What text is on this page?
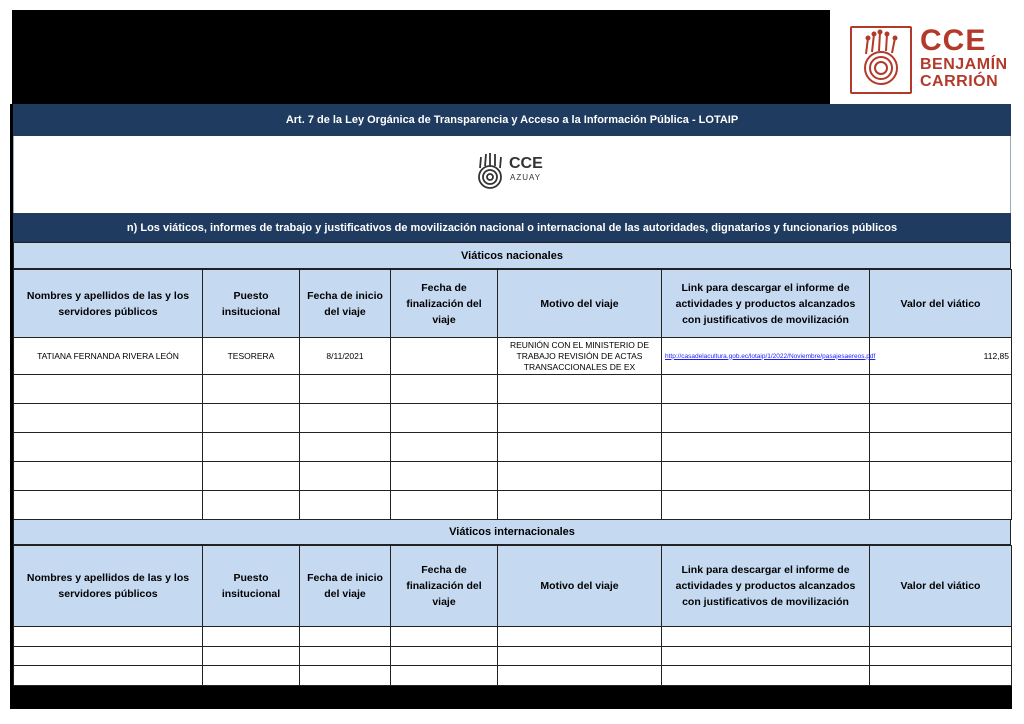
CCE
BENJAMÍN
CARRIÓN
Art. 7 de la Ley Orgánica de Transparencia y Acceso a la Información Pública - LOTAIP
CCE
AZUAY
n) Los viáticos, informes de trabajo y justificativos de movilización nacional o internacional de las autoridades, dignatarios y funcionarios públicos
Viáticos nacionales
Nombres y apellidos de las y los servidores públicos	Puesto insitucional	Fecha de inicio del viaje	Fecha de finalización del viaje	Motivo del viaje	Link para descargar el informe de actividades y productos alcanzados con justificativos de movilización	Valor del viático
TATIANA FERNANDA RIVERA LEÓN	TESORERA	8/11/2021		REUNIÓN CON EL MINISTERIO DE TRABAJO REVISIÓN DE ACTAS TRANSACCIONALES DE EX	http://casadelacultura.gob.ec/lotaip/1/2022/Noviembre/pasajesaereos.pdf	112,85

Viáticos internacionales
Nombres y apellidos de las y los servidores públicos	Puesto insitucional	Fecha de inicio del viaje	Fecha de finalización del viaje	Motivo del viaje	Link para descargar el informe de actividades y productos alcanzados con justificativos de movilización	Valor del viático
